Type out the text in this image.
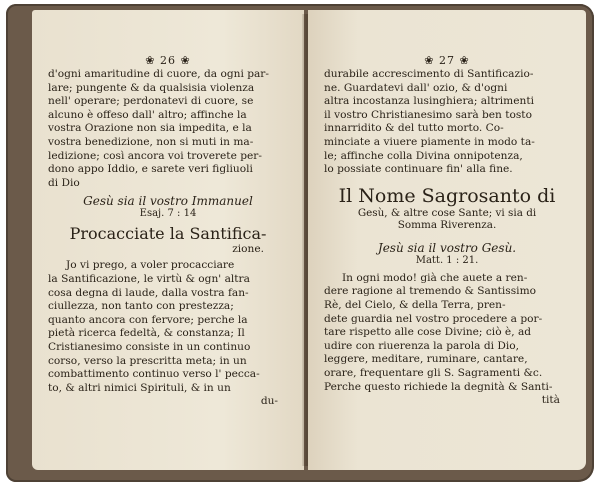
❀ 26 ❀

d'ogni amaritudine di cuore, da ogni par-

lare; pungente & da qualsisia violenza

nell' operare; perdonatevi di cuore, se

alcuno è offeso dall' altro; affinche la

vostra Orazione non sia impedita, e la

vostra benedizione, non si muti in ma-

ledizione; così ancora voi troverete per-

dono appo Iddio, e sarete veri figliuoli

di Dio

Gesù sia il vostro Immanuel
Esaj. 7 : 14
Procacciate la Santifica-
zione.

Jo vi prego, a voler procacciare

la Santificazione, le virtù & ogn' altra

cosa degna di laude, dalla vostra fan-

ciullezza, non tanto con prestezza;

quanto ancora con fervore; perche la

pietà ricerca fedeltà, & constanza; Il

Cristianesimo consiste in un continuo

corso, verso la prescritta meta; in un

combattimento continuo verso l' pecca-

to, & altri nimici Spirituli, & in un

du-
❀ 27 ❀

durabile accrescimento di Santificazio-

ne. Guardatevi dall' ozio, & d'ogni

altra incostanza lusinghiera; altrimenti

il vostro Christianesimo sarà ben tosto

innarridito & del tutto morto. Co-

minciate a viuere piamente in modo ta-

le; affinche colla Divina onnipotenza,

lo possiate continuare fin' alla fine.

Il Nome Sagrosanto di
Gesù, & altre cose Sante; vi sia di
Somma Riverenza.
Jesù sia il vostro Gesù.
Matt. 1 : 21.

In ogni modo! già che auete a ren-

dere ragione al tremendo & Santissimo

Rè, del Cielo, & della Terra, pren-

dete guardia nel vostro procedere a por-

tare rispetto alle cose Divine; ciò è, ad

udire con riuerenza la parola di Dio,

leggere, meditare, ruminare, cantare,

orare, frequentare gli S. Sagramenti &c.

Perche questo richiede la degnità & Santi-

tità
